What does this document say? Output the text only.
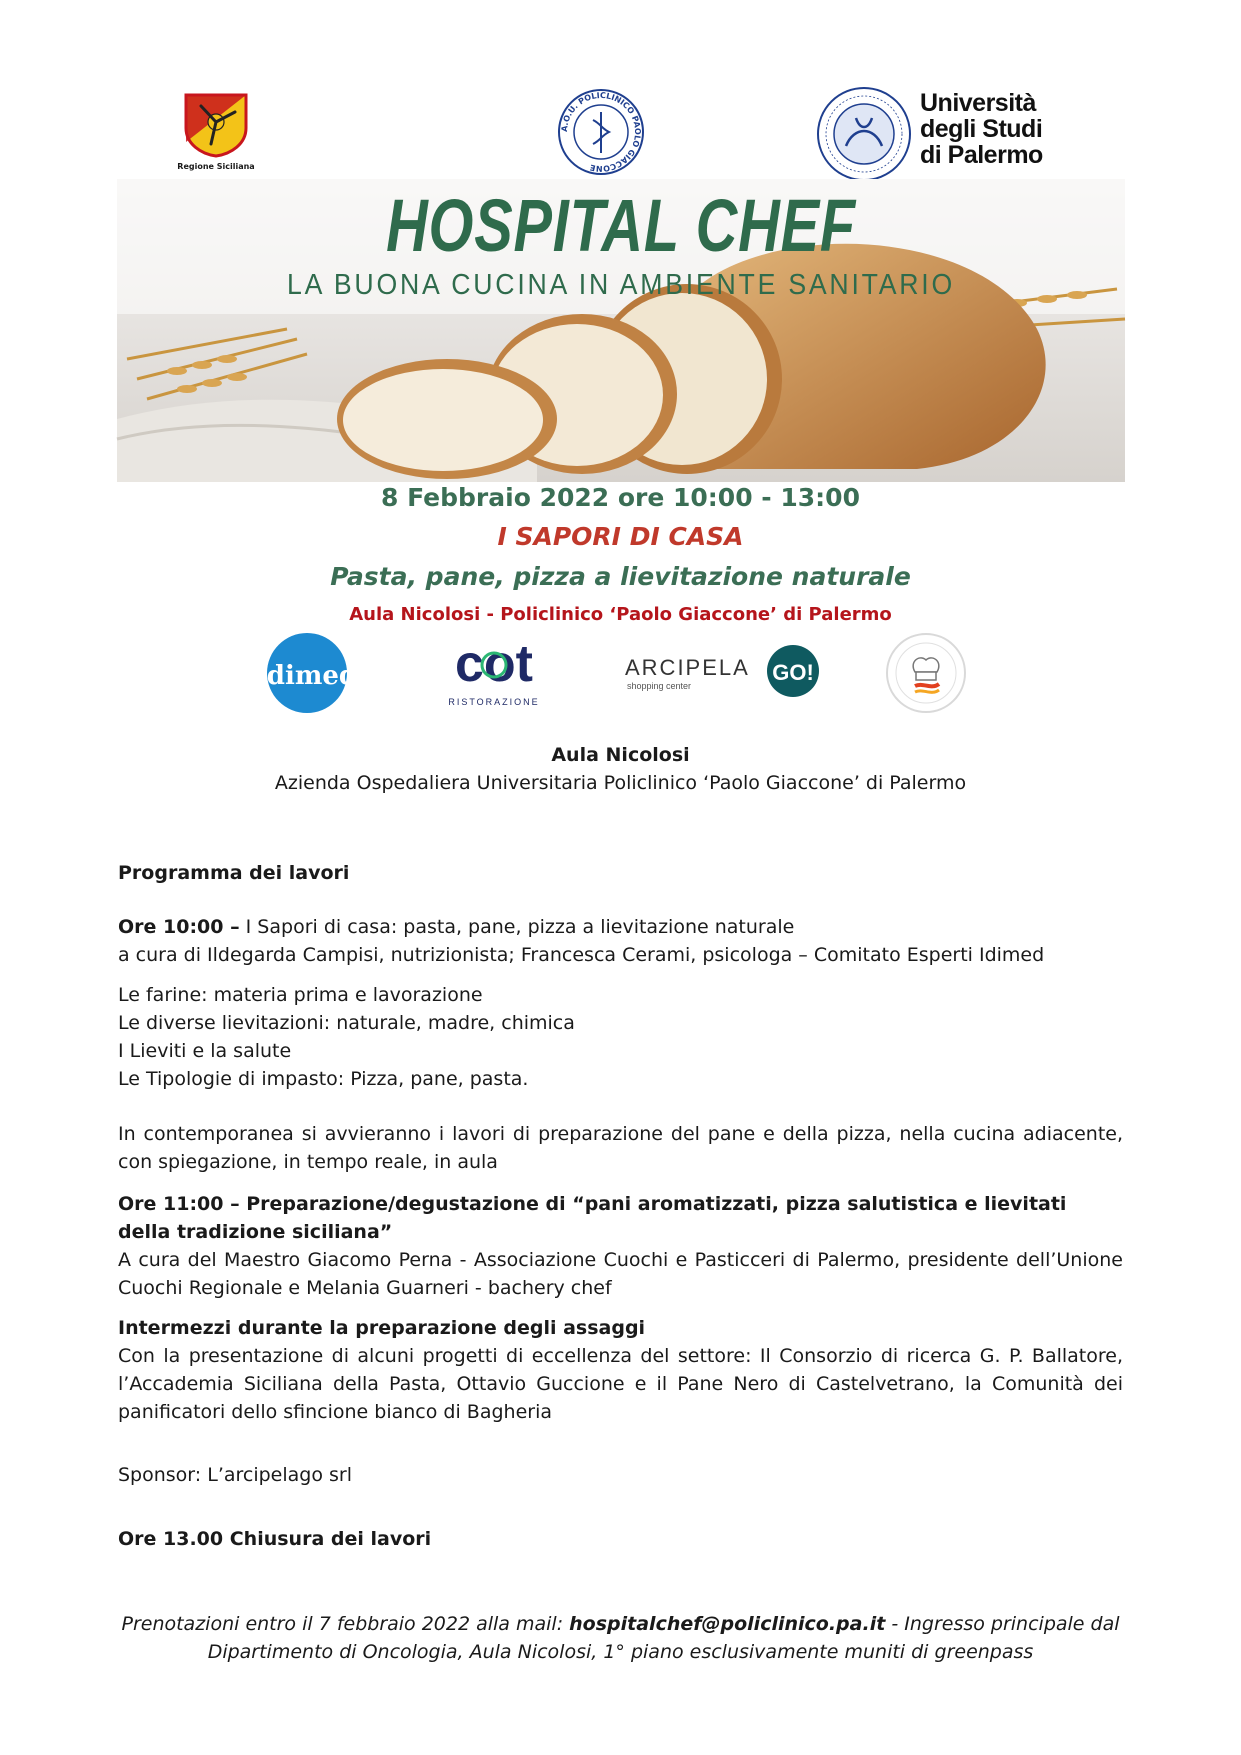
Regione Siciliana
A.O.U. POLICLINICO PAOLO GIACCONE
Università
degli Studi
di Palermo
HOSPITAL CHEF
LA BUONA CUCINA IN AMBIENTE SANITARIO
8 Febbraio 2022 ore 10:00 - 13:00
I SAPORI DI CASA
Pasta, pane, pizza a lievitazione naturale
Aula Nicolosi - Policlinico ‘Paolo Giaccone’ di Palermo
idimed cot
RISTORAZIONE
ARCIPELA GO!
shopping center
Aula Nicolosi
Azienda Ospedaliera Universitaria Policlinico ‘Paolo Giaccone’ di Palermo
Programma dei lavori
Ore 10:00 – I Sapori di casa: pasta, pane, pizza a lievitazione naturale
a cura di Ildegarda Campisi, nutrizionista; Francesca Cerami, psicologa – Comitato Esperti Idimed
Le farine: materia prima e lavorazione
Le diverse lievitazioni: naturale, madre, chimica
I Lieviti e la salute
Le Tipologie di impasto: Pizza, pane, pasta.
In contemporanea si avvieranno i lavori di preparazione del pane e della pizza, nella cucina adiacente, con spiegazione, in tempo reale, in aula
Ore 11:00 – Preparazione/degustazione di “pani aromatizzati, pizza salutistica e lievitati della tradizione siciliana”
A cura del Maestro Giacomo Perna - Associazione Cuochi e Pasticceri di Palermo, presidente dell’Unione Cuochi Regionale e Melania Guarneri - bachery chef
Intermezzi durante la preparazione degli assaggi
Con la presentazione di alcuni progetti di eccellenza del settore: Il Consorzio di ricerca G. P. Ballatore, l’Accademia Siciliana della Pasta, Ottavio Guccione e il Pane Nero di Castelvetrano, la Comunità dei panificatori dello sfincione bianco di Bagheria
Sponsor: L’arcipelago srl
Ore 13.00 Chiusura dei lavori
Prenotazioni entro il 7 febbraio 2022 alla mail: hospitalchef@policlinico.pa.it - Ingresso principale dal
Dipartimento di Oncologia, Aula Nicolosi, 1° piano esclusivamente muniti di greenpass
